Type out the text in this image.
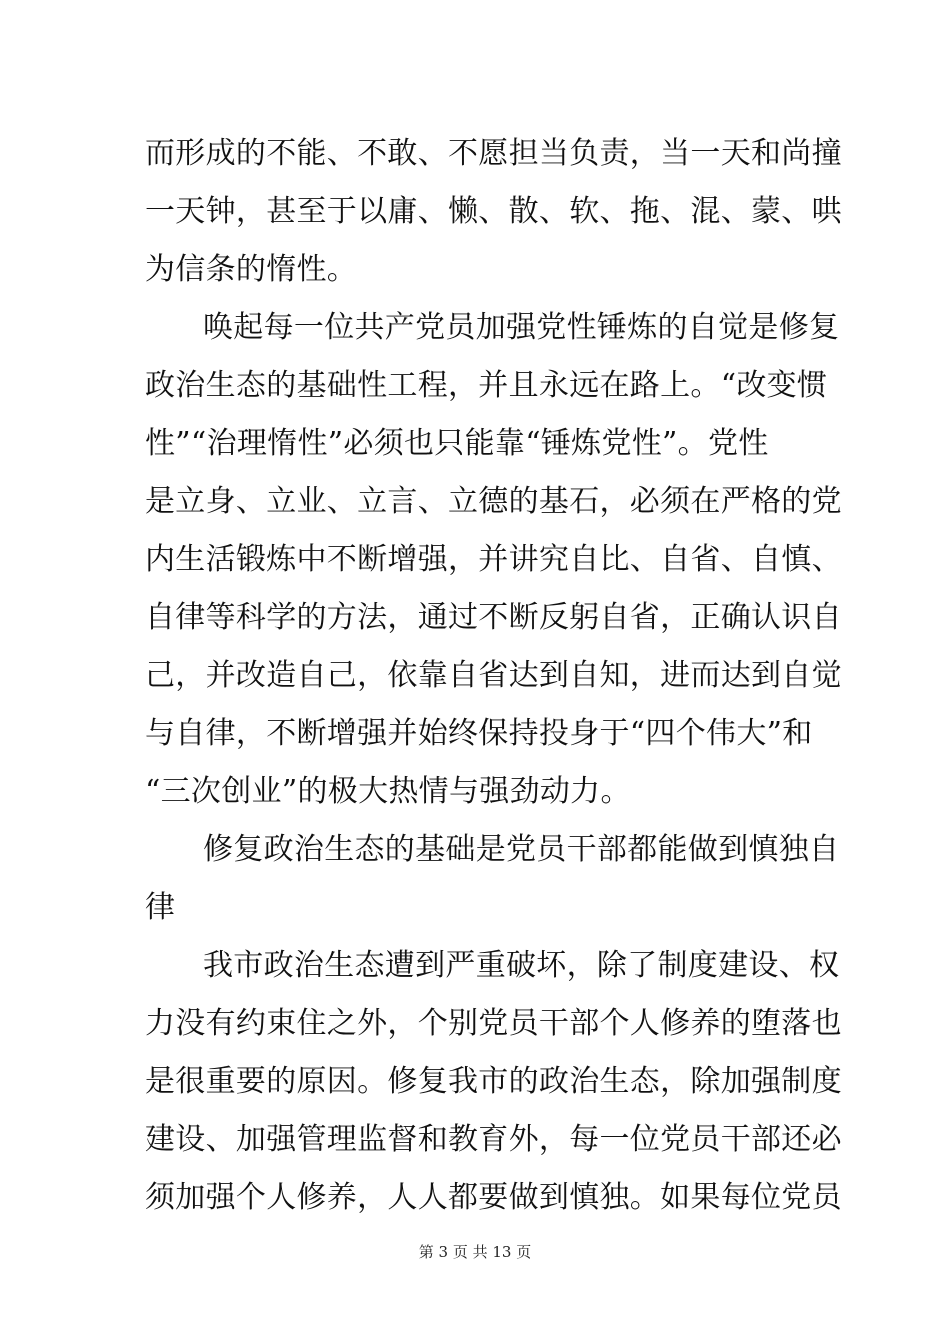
而形成的不能、不敢、不愿担当负责，当一天和尚撞
一天钟，甚至于以庸、懒、散、软、拖、混、蒙、哄
为信条的惰性。
唤起每一位共产党员加强党性锤炼的自觉是修复
政治生态的基础性工程，并且永远在路上。“改变惯
性”“治理惰性”必须也只能靠“锤炼党性”。党性
是立身、立业、立言、立德的基石，必须在严格的党
内生活锻炼中不断增强，并讲究自比、自省、自慎、
自律等科学的方法，通过不断反躬自省，正确认识自
己，并改造自己，依靠自省达到自知，进而达到自觉
与自律，不断增强并始终保持投身于“四个伟大”和
“三次创业”的极大热情与强劲动力。
修复政治生态的基础是党员干部都能做到慎独自
律
我市政治生态遭到严重破坏，除了制度建设、权
力没有约束住之外，个别党员干部个人修养的堕落也
是很重要的原因。修复我市的政治生态，除加强制度
建设、加强管理监督和教育外，每一位党员干部还必
须加强个人修养，人人都要做到慎独。如果每位党员
第 3 页 共 13 页
